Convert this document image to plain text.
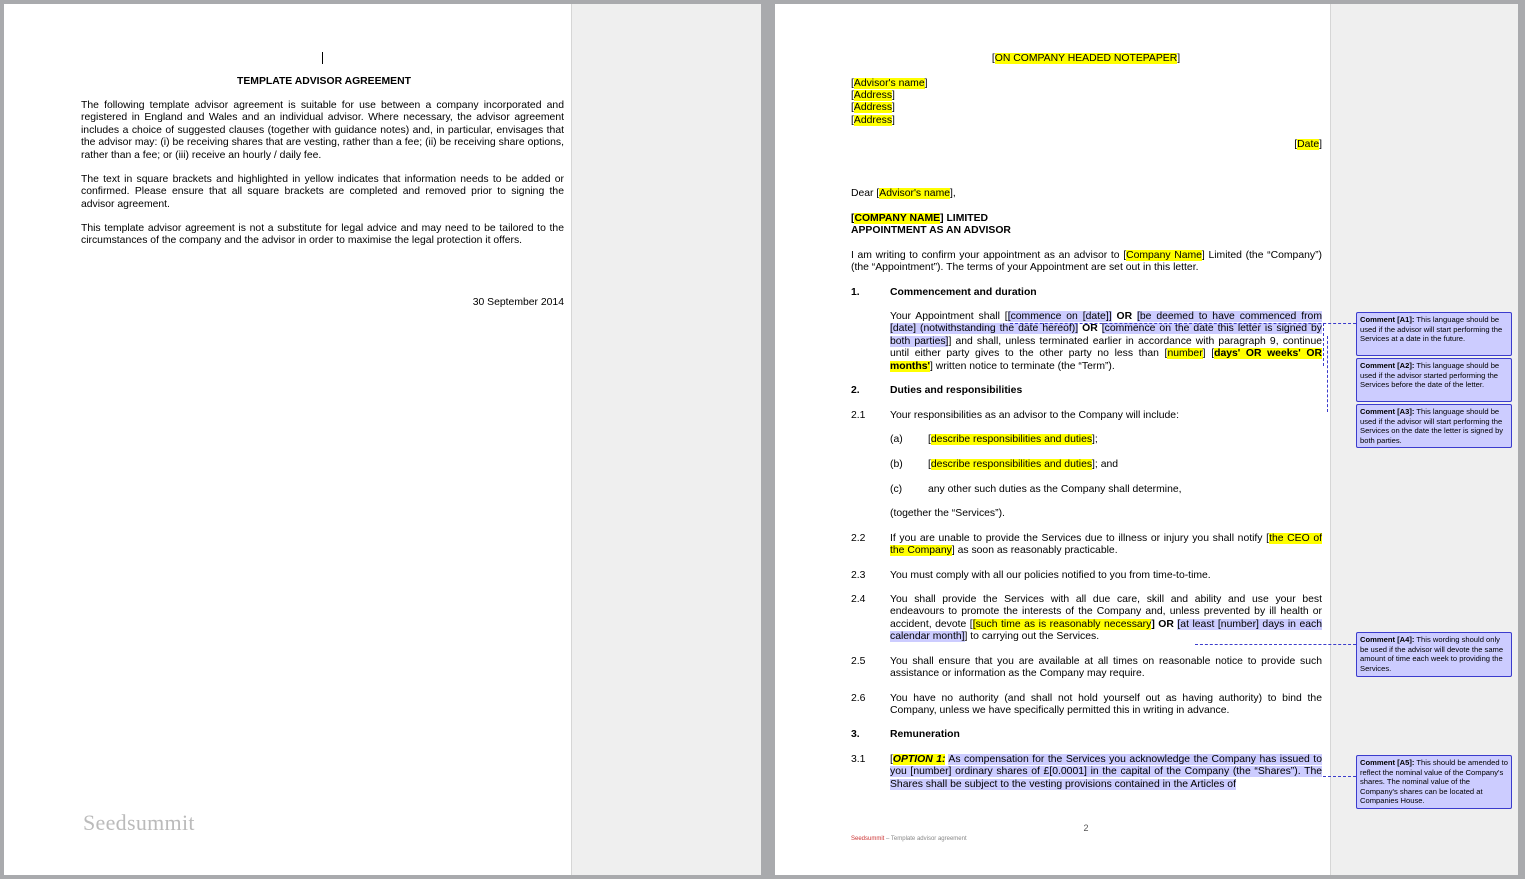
TEMPLATE ADVISOR AGREEMENT
The following template advisor agreement is suitable for use between a company incorporated and registered in England and Wales and an individual advisor. Where necessary, the advisor agreement includes a choice of suggested clauses (together with guidance notes) and, in particular, envisages that the advisor may: (i) be receiving shares that are vesting, rather than a fee; (ii) be receiving share options, rather than a fee; or (iii) receive an hourly / daily fee.
The text in square brackets and highlighted in yellow indicates that information needs to be added or confirmed. Please ensure that all square brackets are completed and removed prior to signing the advisor agreement.
This template advisor agreement is not a substitute for legal advice and may need to be tailored to the circumstances of the company and the advisor in order to maximise the legal protection it offers.
30 September 2014
Seedsummit
[ON COMPANY HEADED NOTEPAPER]
[Advisor's name]
[Address]
[Address]
[Address]
[Date]
Dear [Advisor's name],
[COMPANY NAME] LIMITED
APPOINTMENT AS AN ADVISOR
I am writing to confirm your appointment as an advisor to [Company Name] Limited (the “Company”) (the “Appointment”). The terms of your Appointment are set out in this letter.
1.	Commencement and duration
Your Appointment shall [[commence on [date]] OR [be deemed to have commenced from [date] (notwithstanding the date hereof)] OR [commence on the date this letter is signed by both parties]] and shall, unless terminated earlier in accordance with paragraph 9, continue until either party gives to the other party no less than [number] [days' OR weeks' OR months'] written notice to terminate (the “Term”).
2.	Duties and responsibilities
2.1 Your responsibilities as an advisor to the Company will include:
(a) [describe responsibilities and duties];
(b) [describe responsibilities and duties]; and
(c) any other such duties as the Company shall determine,
(together the “Services”).
2.2 If you are unable to provide the Services due to illness or injury you shall notify [the CEO of the Company] as soon as reasonably practicable.
2.3 You must comply with all our policies notified to you from time-to-time.
2.4 You shall provide the Services with all due care, skill and ability and use your best endeavours to promote the interests of the Company and, unless prevented by ill health or accident, devote [[such time as is reasonably necessary] OR [at least [number] days in each calendar month]] to carrying out the Services.
2.5 You shall ensure that you are available at all times on reasonable notice to provide such assistance or information as the Company may require.
2.6 You have no authority (and shall not hold yourself out as having authority) to bind the Company, unless we have specifically permitted this in writing in advance.
3.	Remuneration
3.1 [OPTION 1: As compensation for the Services you acknowledge the Company has issued to you [number] ordinary shares of £[0.0001] in the capital of the Company (the “Shares”). The Shares shall be subject to the vesting provisions contained in the Articles of
2
Seedsummit – Template advisor agreement
Comment [A1]: This language should be used if the advisor will start performing the Services at a date in the future.
Comment [A2]: This language should be used if the advisor started performing the Services before the date of the letter.
Comment [A3]: This language should be used if the advisor will start performing the Services on the date the letter is signed by both parties.
Comment [A4]: This wording should only be used if the advisor will devote the same amount of time each week to providing the Services.
Comment [A5]: This should be amended to reflect the nominal value of the Company's shares. The nominal value of the Company's shares can be located at Companies House.
